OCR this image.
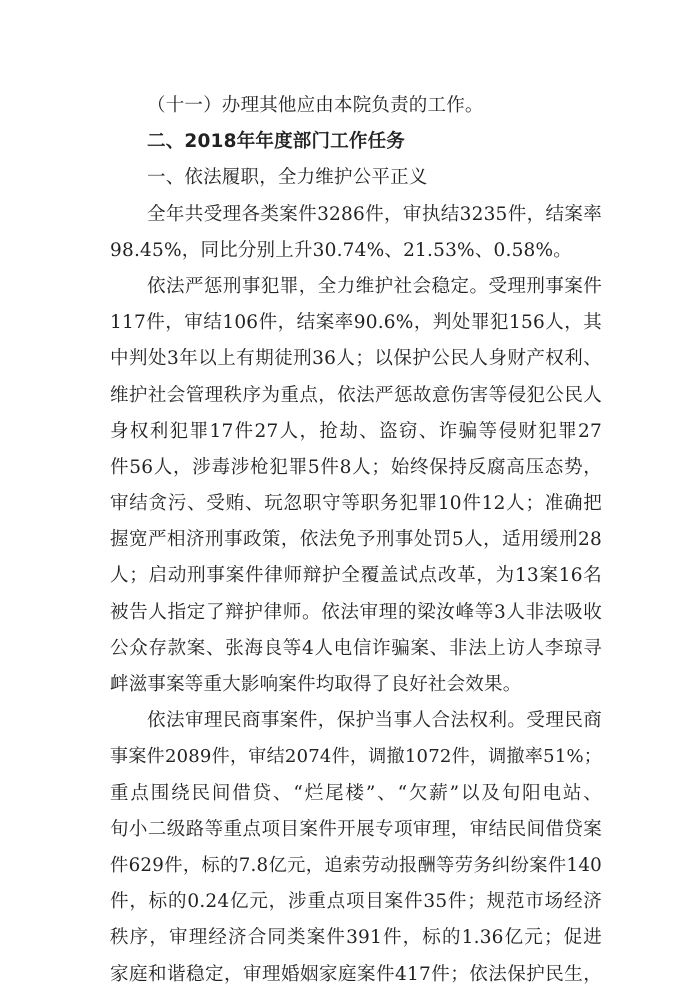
（十一）办理其他应由本院负责的工作。
二、2018年年度部门工作任务
一、依法履职，全力维护公平正义
全年共受理各类案件3286件，审执结3235件，结案率
98.45%，同比分别上升30.74%、21.53%、0.58%。
依法严惩刑事犯罪，全力维护社会稳定。受理刑事案件
117件，审结106件，结案率90.6%，判处罪犯156人，其
中判处3年以上有期徒刑36人；以保护公民人身财产权利、
维护社会管理秩序为重点，依法严惩故意伤害等侵犯公民人
身权利犯罪17件27人，抢劫、盗窃、诈骗等侵财犯罪27
件56人，涉毒涉枪犯罪5件8人；始终保持反腐高压态势，
审结贪污、受贿、玩忽职守等职务犯罪10件12人；准确把
握宽严相济刑事政策，依法免予刑事处罚5人，适用缓刑28
人；启动刑事案件律师辩护全覆盖试点改革，为13案16名
被告人指定了辩护律师。依法审理的梁汝峰等3人非法吸收
公众存款案、张海良等4人电信诈骗案、非法上访人李琼寻
衅滋事案等重大影响案件均取得了良好社会效果。
依法审理民商事案件，保护当事人合法权利。受理民商
事案件2089件，审结2074件，调撤1072件，调撤率51%；
重点围绕民间借贷、“烂尾楼”、“欠薪”以及旬阳电站、
旬小二级路等重点项目案件开展专项审理，审结民间借贷案
件629件，标的7.8亿元，追索劳动报酬等劳务纠纷案件140
件，标的0.24亿元，涉重点项目案件35件；规范市场经济
秩序，审理经济合同类案件391件，标的1.36亿元；促进
家庭和谐稳定，审理婚姻家庭案件417件；依法保护民生，
